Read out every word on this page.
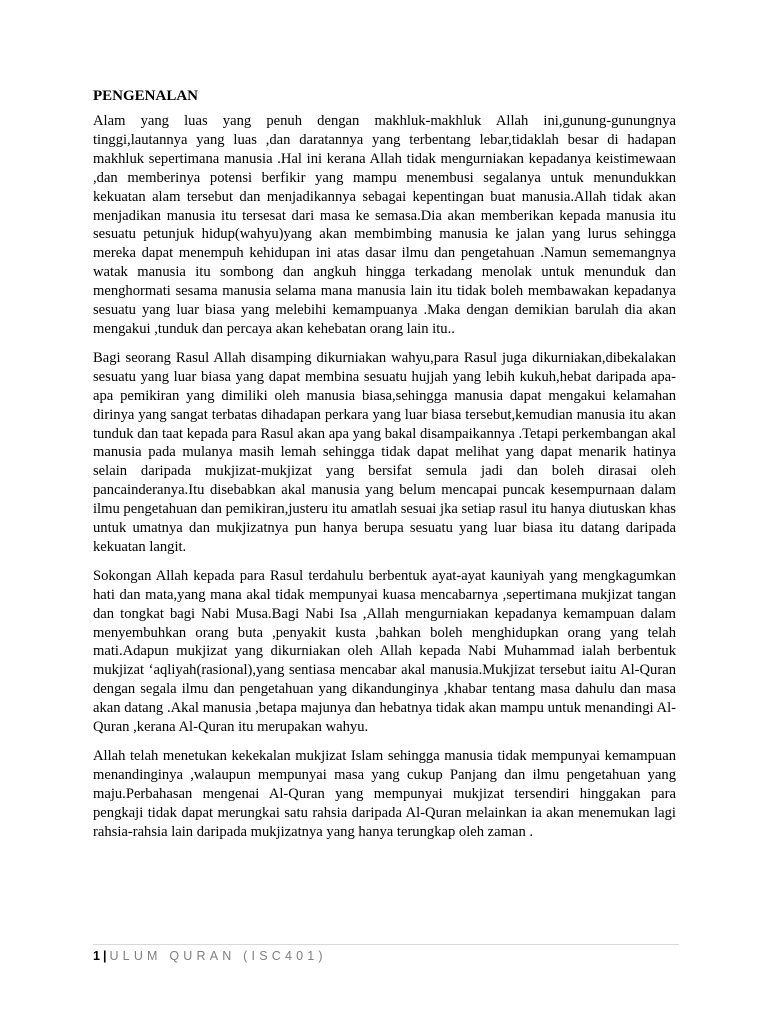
PENGENALAN

Alam yang luas yang penuh dengan makhluk-makhluk Allah ini,gunung-gunungnya tinggi,lautannya yang luas ,dan daratannya yang terbentang lebar,tidaklah besar di hadapan makhluk sepertimana manusia .Hal ini kerana Allah tidak mengurniakan kepadanya keistimewaan ,dan memberinya potensi berfikir yang mampu menembusi segalanya untuk menundukkan kekuatan alam tersebut dan menjadikannya sebagai kepentingan buat manusia.Allah tidak akan menjadikan manusia itu tersesat dari masa ke semasa.Dia akan memberikan kepada manusia itu sesuatu petunjuk hidup(wahyu)yang akan membimbing manusia ke jalan yang lurus sehingga mereka dapat menempuh kehidupan ini atas dasar ilmu dan pengetahuan .Namun sememangnya watak manusia itu sombong dan angkuh hingga terkadang menolak untuk menunduk dan menghormati sesama manusia selama mana manusia lain itu tidak boleh membawakan kepadanya sesuatu yang luar biasa yang melebihi kemampuanya .Maka dengan demikian barulah dia akan mengakui ,tunduk dan percaya akan kehebatan orang lain itu..

Bagi seorang Rasul Allah disamping dikurniakan wahyu,para Rasul juga dikurniakan,dibekalakan sesuatu yang luar biasa yang dapat membina sesuatu hujjah yang lebih kukuh,hebat daripada apa-apa pemikiran yang dimiliki oleh manusia biasa,sehingga manusia dapat mengakui kelamahan dirinya yang sangat terbatas dihadapan perkara yang luar biasa tersebut,kemudian manusia itu akan tunduk dan taat kepada para Rasul akan apa yang bakal disampaikannya .Tetapi perkembangan akal manusia pada mulanya masih lemah sehingga tidak dapat melihat yang dapat menarik hatinya selain daripada mukjizat-mukjizat yang bersifat semula jadi dan boleh dirasai oleh pancainderanya.Itu disebabkan akal manusia yang belum mencapai puncak kesempurnaan dalam ilmu pengetahuan dan pemikiran,justeru itu amatlah sesuai jka setiap rasul itu hanya diutuskan khas untuk umatnya dan mukjizatnya pun hanya berupa sesuatu yang luar biasa itu datang daripada kekuatan langit.

Sokongan Allah kepada para Rasul terdahulu berbentuk ayat-ayat kauniyah yang mengkagumkan hati dan mata,yang mana akal tidak mempunyai kuasa mencabarnya ,sepertimana mukjizat tangan dan tongkat bagi Nabi Musa.Bagi Nabi Isa ,Allah mengurniakan kepadanya kemampuan dalam menyembuhkan orang buta ,penyakit kusta ,bahkan boleh menghidupkan orang yang telah mati.Adapun mukjizat yang dikurniakan oleh Allah kepada Nabi Muhammad ialah berbentuk mukjizat ‘aqliyah(rasional),yang sentiasa mencabar akal manusia.Mukjizat tersebut iaitu Al-Quran dengan segala ilmu dan pengetahuan yang dikandunginya ,khabar tentang masa dahulu dan masa akan datang .Akal manusia ,betapa majunya dan hebatnya tidak akan mampu untuk menandingi Al-Quran ,kerana Al-Quran itu merupakan wahyu.

Allah telah menetukan kekekalan mukjizat Islam sehingga manusia tidak mempunyai kemampuan menandinginya ,walaupun mempunyai masa yang cukup Panjang dan ilmu pengetahuan yang maju.Perbahasan mengenai Al-Quran yang mempunyai mukjizat tersendiri hinggakan para pengkaji tidak dapat merungkai satu rahsia daripada Al-Quran melainkan ia akan menemukan lagi rahsia-rahsia lain daripada mukjizatnya yang hanya terungkap oleh zaman .

1 | ULUM QURAN (ISC401)
